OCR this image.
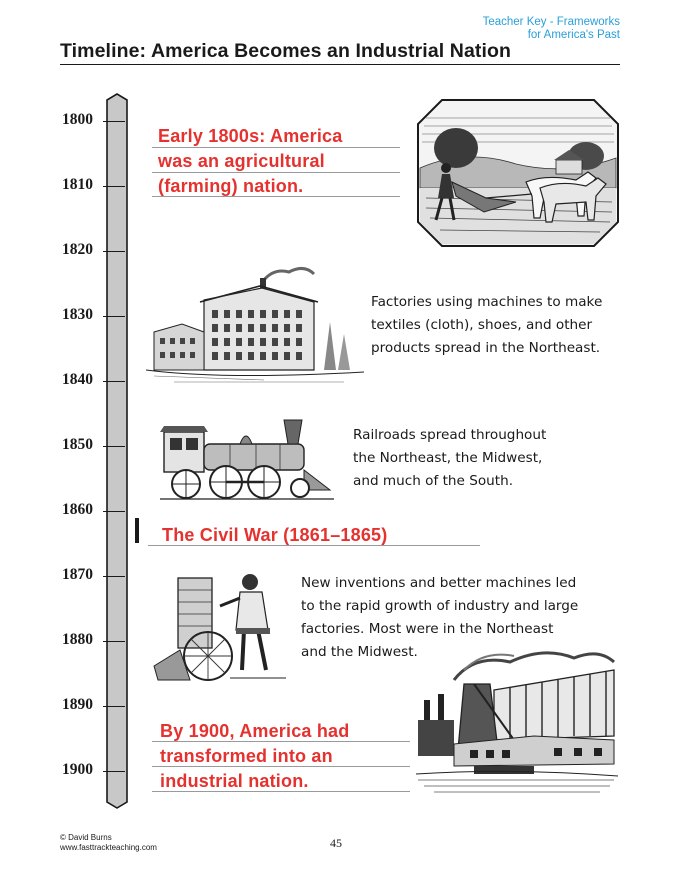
Teacher Key - Frameworks
for America's Past
Timeline: America Becomes an Industrial Nation
1800
1810
1820
1830
1840
1850
1860
1870
1880
1890
1900
Early 1800s: America
was an agricultural
(farming) nation.
Factories using machines to make
textiles (cloth), shoes, and other
products spread in the Northeast.
Railroads spread throughout
the Northeast, the Midwest,
and much of the South.
The Civil War (1861–1865)
New inventions and better machines led
to the rapid growth of industry and large
factories. Most were in the Northeast
and the Midwest.
By 1900, America had
transformed into an
industrial nation.
© David Burns
www.fasttrackteaching.com	45
